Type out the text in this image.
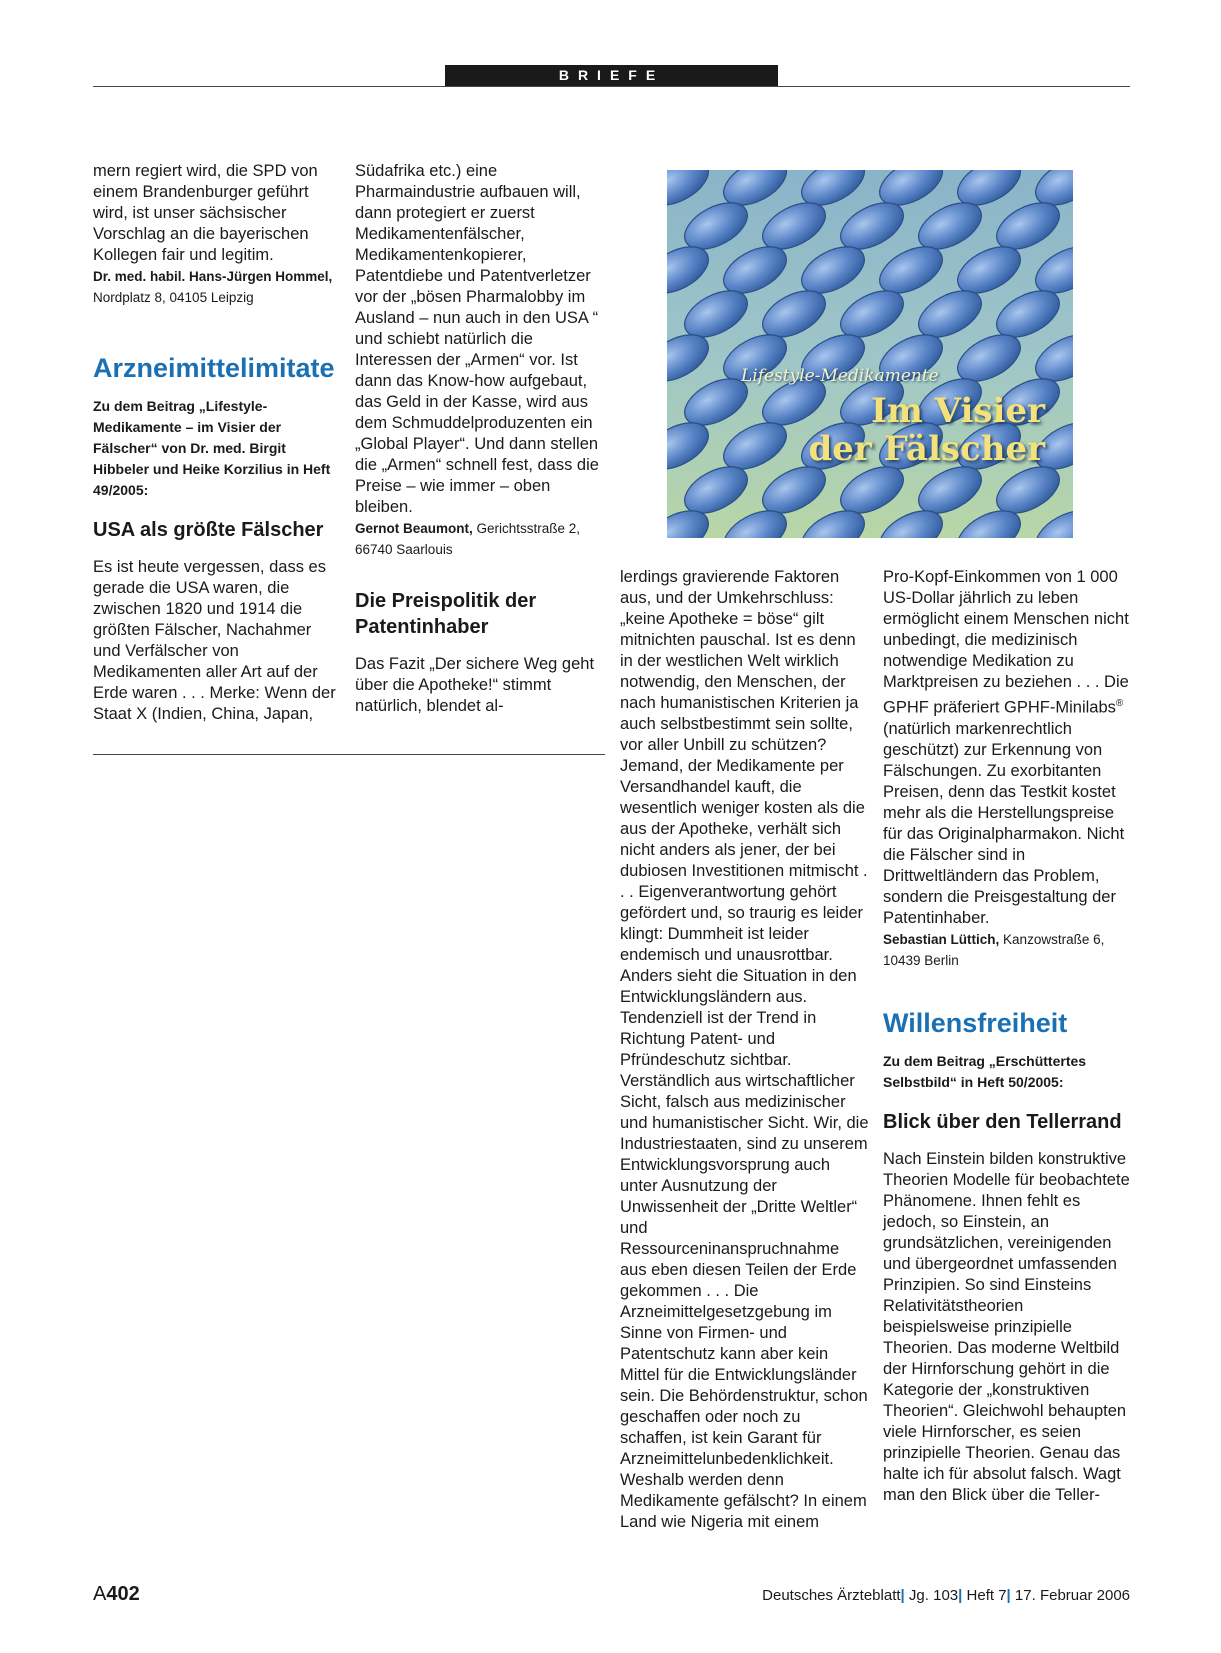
BRIEFE

mern regiert wird, die SPD von einem Brandenburger geführt wird, ist unser sächsischer Vorschlag an die bayerischen Kollegen fair und legitim.

Dr. med. habil. Hans-Jürgen Hommel, Nordplatz 8, 04105 Leipzig

Arzneimittelimitate

Zu dem Beitrag „Lifestyle-Medikamente – im Visier der Fälscher“ von Dr. med. Birgit Hibbeler und Heike Korzilius in Heft 49/2005:

USA als größte Fälscher

Es ist heute vergessen, dass es gerade die USA waren, die zwischen 1820 und 1914 die größten Fälscher, Nachahmer und Verfälscher von Medikamenten aller Art auf der Erde waren . . . Merke: Wenn der Staat X (Indien, China, Japan,

Südafrika etc.) eine Pharmaindustrie aufbauen will, dann protegiert er zuerst Medikamentenfälscher, Medikamentenkopierer, Patentdiebe und Patentverletzer vor der „bösen Pharmalobby im Ausland – nun auch in den USA “ und schiebt natürlich die Interessen der „Armen“ vor. Ist dann das Know-how aufgebaut, das Geld in der Kasse, wird aus dem Schmuddelproduzenten ein „Global Player“. Und dann stellen die „Armen“ schnell fest, dass die Preise – wie immer – oben bleiben.

Gernot Beaumont, Gerichtsstraße 2, 66740 Saarlouis

Die Preispolitik der Patentinhaber

Das Fazit „Der sichere Weg geht über die Apotheke!“ stimmt natürlich, blendet al-

Lifestyle-Medikamente
Im Visier
der Fälscher

lerdings gravierende Faktoren aus, und der Umkehrschluss: „keine Apotheke = böse“ gilt mitnichten pauschal. Ist es denn in der westlichen Welt wirklich notwendig, den Menschen, der nach humanistischen Kriterien ja auch selbstbestimmt sein sollte, vor aller Unbill zu schützen? Jemand, der Medikamente per Versandhandel kauft, die wesentlich weniger kosten als die aus der Apotheke, verhält sich nicht anders als jener, der bei dubiosen Investitionen mitmischt . . . Eigenverantwortung gehört gefördert und, so traurig es leider klingt: Dummheit ist leider endemisch und unausrottbar. Anders sieht die Situation in den Entwicklungsländern aus. Tendenziell ist der Trend in Richtung Patent- und Pfründeschutz sichtbar. Verständlich aus wirtschaftlicher Sicht, falsch aus medizinischer und humanistischer Sicht. Wir, die Industriestaaten, sind zu unserem Entwicklungsvorsprung auch unter Ausnutzung der Unwissenheit der „Dritte Weltler“ und Ressourceninanspruchnahme aus eben diesen Teilen der Erde gekommen . . . Die Arzneimittelgesetzgebung im Sinne von Firmen- und Patentschutz kann aber kein Mittel für die Entwicklungsländer sein. Die Behördenstruktur, schon geschaffen oder noch zu schaffen, ist kein Garant für Arzneimittelunbedenklichkeit. Weshalb werden denn Medikamente gefälscht? In einem Land wie Nigeria mit einem

Pro-Kopf-Einkommen von 1 000 US-Dollar jährlich zu leben ermöglicht einem Menschen nicht unbedingt, die medizinisch notwendige Medikation zu Marktpreisen zu beziehen . . . Die GPHF präferiert GPHF-Minilabs® (natürlich markenrechtlich geschützt) zur Erkennung von Fälschungen. Zu exorbitanten Preisen, denn das Testkit kostet mehr als die Herstellungspreise für das Originalpharmakon. Nicht die Fälscher sind in Drittweltländern das Problem, sondern die Preisgestaltung der Patentinhaber.

Sebastian Lüttich, Kanzowstraße 6, 10439 Berlin

Willensfreiheit

Zu dem Beitrag „Erschüttertes Selbstbild“ in Heft 50/2005:

Blick über den Tellerrand

Nach Einstein bilden konstruktive Theorien Modelle für beobachtete Phänomene. Ihnen fehlt es jedoch, so Einstein, an grundsätzlichen, vereinigenden und übergeordnet umfassenden Prinzipien. So sind Einsteins Relativitätstheorien beispielsweise prinzipielle Theorien. Das moderne Weltbild der Hirnforschung gehört in die Kategorie der „konstruktiven Theorien“. Gleichwohl behaupten viele Hirnforscher, es seien prinzipielle Theorien. Genau das halte ich für absolut falsch. Wagt man den Blick über die Teller-

A402	Deutsches Ärzteblatt| Jg. 103| Heft 7| 17. Februar 2006
